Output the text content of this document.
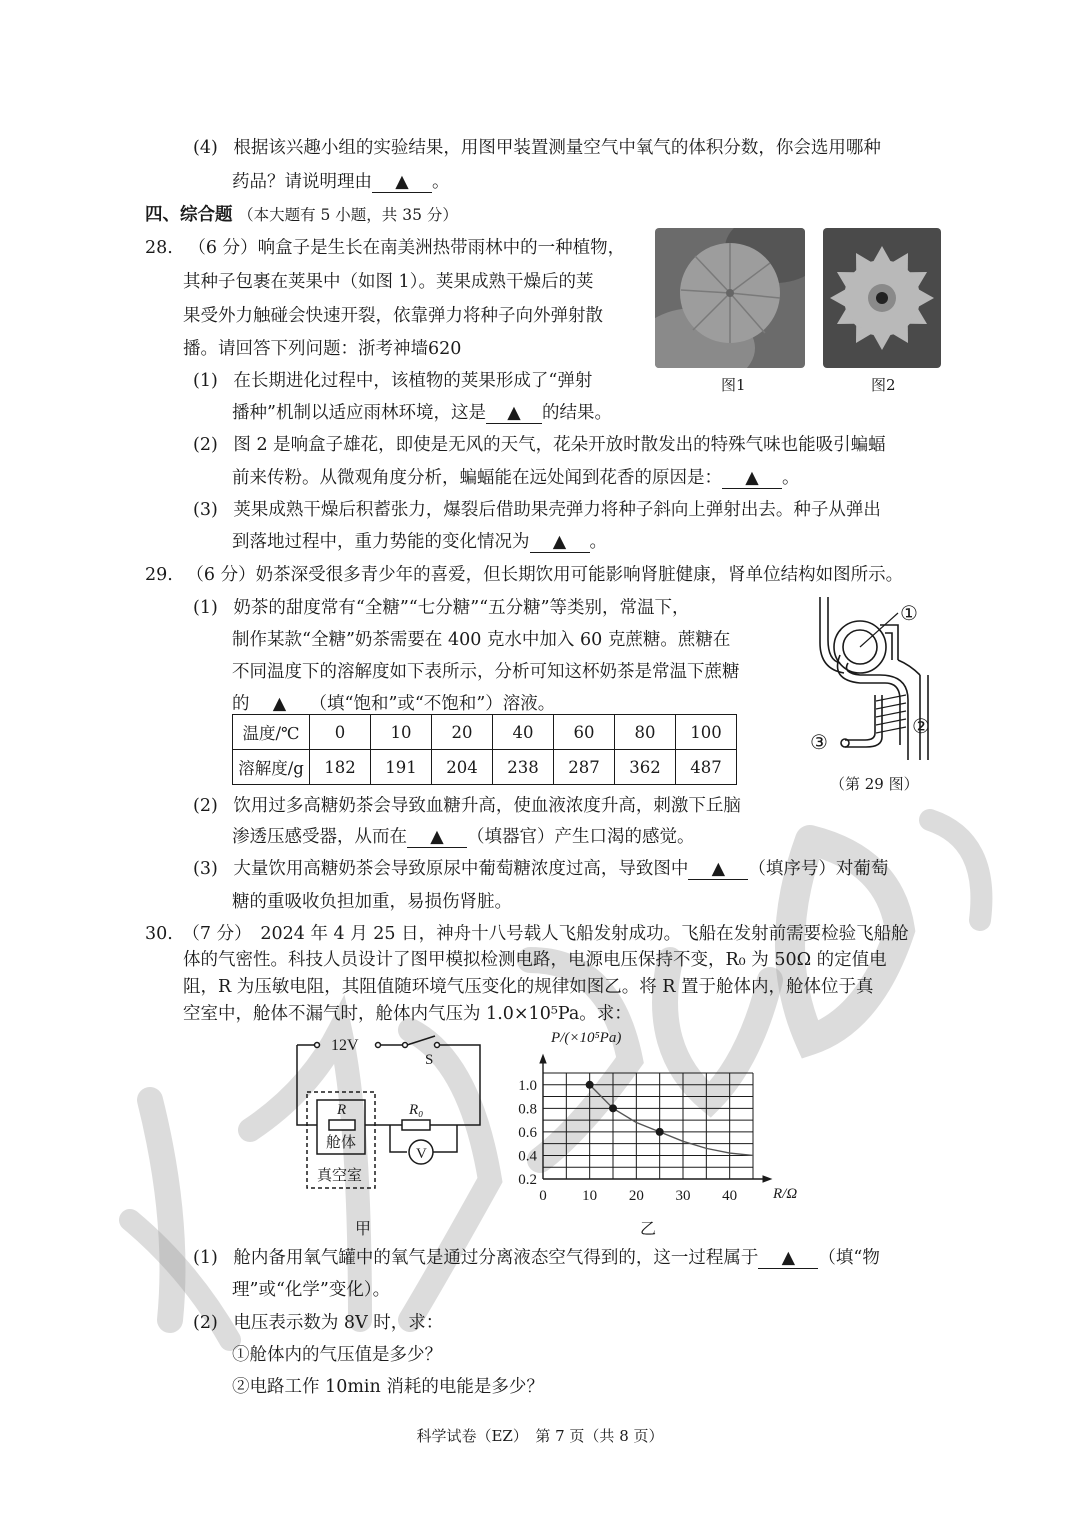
(4) 根据该兴趣小组的实验结果，用图甲装置测量空气中氧气的体积分数，你会选用哪种
药品？请说明理由 ▲ 。
四、综合题 （本大题有 5 小题，共 35 分）
28. （6 分）响盒子是生长在南美洲热带雨林中的一种植物，
其种子包裹在荚果中（如图 1）。荚果成熟干燥后的荚
果受外力触碰会快速开裂，依靠弹力将种子向外弹射散
播。请回答下列问题：浙考神墙620
图1	图2
(1) 在长期进化过程中，该植物的荚果形成了“弹射
播种”机制以适应雨林环境，这是 ▲ 的结果。
(2) 图 2 是响盒子雄花，即使是无风的天气，花朵开放时散发出的特殊气味也能吸引蝙蝠
前来传粉。从微观角度分析，蝙蝠能在远处闻到花香的原因是： ▲ 。
(3) 荚果成熟干燥后积蓄张力，爆裂后借助果壳弹力将种子斜向上弹射出去。种子从弹出
到落地过程中，重力势能的变化情况为 ▲ 。
29. （6 分）奶茶深受很多青少年的喜爱，但长期饮用可能影响肾脏健康，肾单位结构如图所示。
(1) 奶茶的甜度常有“全糖”“七分糖”“五分糖”等类别，常温下，
制作某款“全糖”奶茶需要在 400 克水中加入 60 克蔗糖。蔗糖在
不同温度下的溶解度如下表所示，分析可知这杯奶茶是常温下蔗糖
的 ▲ （填“饱和”或“不饱和”）溶液。
温度/℃	0	10	20	40	60	80	100
溶解度/g	182	191	204	238	287	362	487
①
②
③
（第 29 图）
(2) 饮用过多高糖奶茶会导致血糖升高，使血液浓度升高，刺激下丘脑
渗透压感受器，从而在 ▲ （填器官）产生口渴的感觉。
(3) 大量饮用高糖奶茶会导致原尿中葡萄糖浓度过高，导致图中 ▲ （填序号）对葡萄
糖的重吸收负担加重，易损伤肾脏。
30. （7 分）　2024 年 4 月 25 日，神舟十八号载人飞船发射成功。飞船在发射前需要检验飞船舱
体的气密性。科技人员设计了图甲模拟检测电路，电源电压保持不变，R₀ 为 50Ω 的定值电
阻，R 为压敏电阻，其阻值随环境气压变化的规律如图乙。将 R 置于舱体内，舱体位于真
空室中，舱体不漏气时，舱体内气压为 1.0×10⁵Pa。求：
12V
S
R	R₀
V
舱体
真空室
甲
0 10 20 30 40
0.2
0.4
0.6
0.8
1.0
P/(×10⁵Pa)
R/Ω
乙
(1) 舱内备用氧气罐中的氧气是通过分离液态空气得到的，这一过程属于 ▲ （填“物
理”或“化学”变化）。
(2) 电压表示数为 8V 时，求：
①舱体内的气压值是多少？
②电路工作 10min 消耗的电能是多少？
科学试卷（EZ）　第 7 页（共 8 页）
